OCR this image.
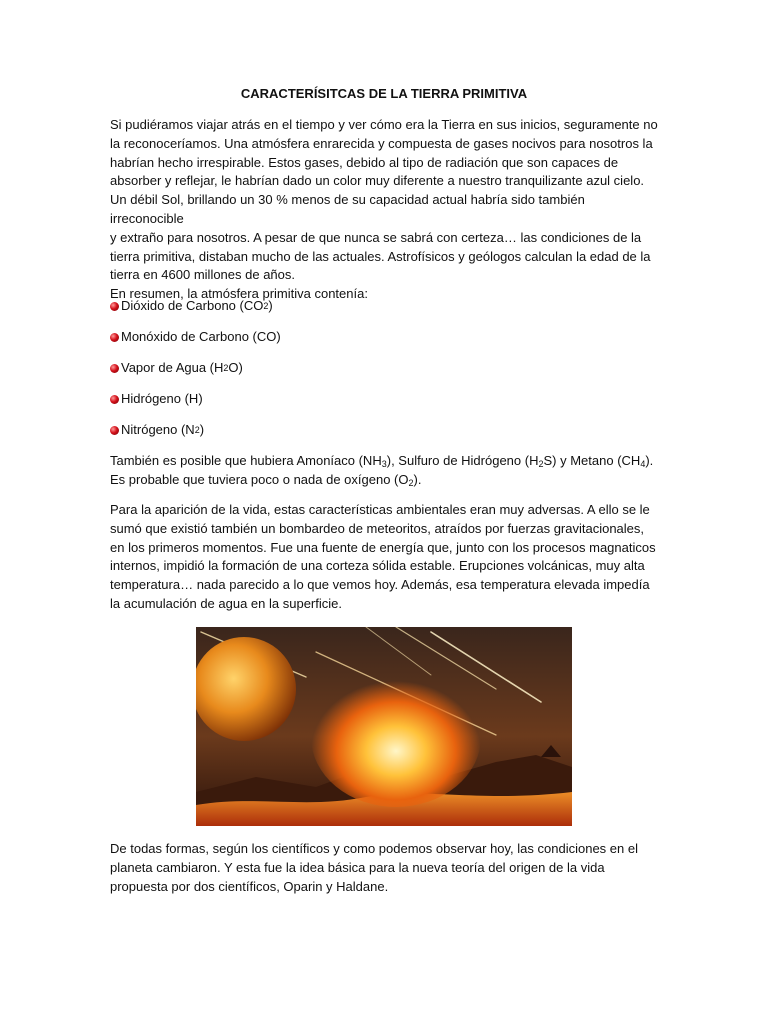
CARACTERÍSITCAS DE LA TIERRA PRIMITIVA

Si pudiéramos viajar atrás en el tiempo y ver cómo era la Tierra en sus inicios, seguramente no
la reconoceríamos. Una atmósfera enrarecida y compuesta de gases nocivos para nosotros la
habrían hecho irrespirable. Estos gases, debido al tipo de radiación que son capaces de
absorber y reflejar, le habrían dado un color muy diferente a nuestro tranquilizante azul cielo.
Un débil Sol, brillando un 30 % menos de su capacidad actual habría sido también irreconocible
y extraño para nosotros. A pesar de que nunca se sabrá con certeza… las condiciones de la
tierra primitiva, distaban mucho de las actuales. Astrofísicos y geólogos calculan la edad de la
tierra en 4600 millones de años.
En resumen, la atmósfera primitiva contenía:

Dióxido de Carbono (CO 2 )
Monóxido de Carbono (CO)
Vapor de Agua (H 2 O)
Hidrógeno (H)
Nitrógeno (N 2 )

También es posible que hubiera Amoníaco $(NH_3)$, Sulfuro de Hidrógeno $(H_2S)$ y Metano $(CH_4)$.
Es probable que tuviera poco o nada de oxígeno $(O_2)$.

Para la aparición de la vida, estas características ambientales eran muy adversas. A ello se le
sumó que existió también un bombardeo de meteoritos, atraídos por fuerzas gravitacionales,
en los primeros momentos. Fue una fuente de energía que, junto con los procesos magnaticos
internos, impidió la formación de una corteza sólida estable. Erupciones volcánicas, muy alta
temperatura… nada parecido a lo que vemos hoy. Además, esa temperatura elevada impedía
la acumulación de agua en la superficie.

De todas formas, según los científicos y como podemos observar hoy, las condiciones en el
planeta cambiaron. Y esta fue la idea básica para la nueva teoría del origen de la vida
propuesta por dos científicos, Oparin y Haldane.
